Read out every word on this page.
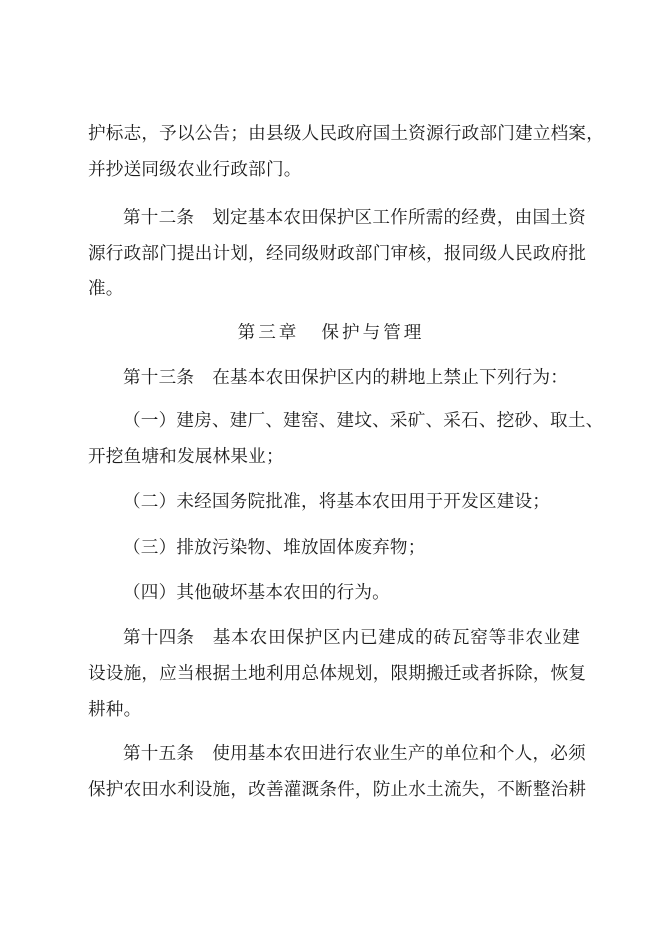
护标志，予以公告；由县级人民政府国土资源行政部门建立档案，
并抄送同级农业行政部门。
第十二条 划定基本农田保护区工作所需的经费，由国土资
源行政部门提出计划，经同级财政部门审核，报同级人民政府批
准。
第三章 保护与管理
第十三条 在基本农田保护区内的耕地上禁止下列行为：
（一）建房、建厂、建窑、建坟、采矿、采石、挖砂、取土、
开挖鱼塘和发展林果业；
（二）未经国务院批准，将基本农田用于开发区建设；
（三）排放污染物、堆放固体废弃物；
（四）其他破坏基本农田的行为。
第十四条 基本农田保护区内已建成的砖瓦窑等非农业建
设设施，应当根据土地利用总体规划，限期搬迁或者拆除，恢复
耕种。
第十五条 使用基本农田进行农业生产的单位和个人，必须
保护农田水利设施，改善灌溉条件，防止水土流失，不断整治耕
